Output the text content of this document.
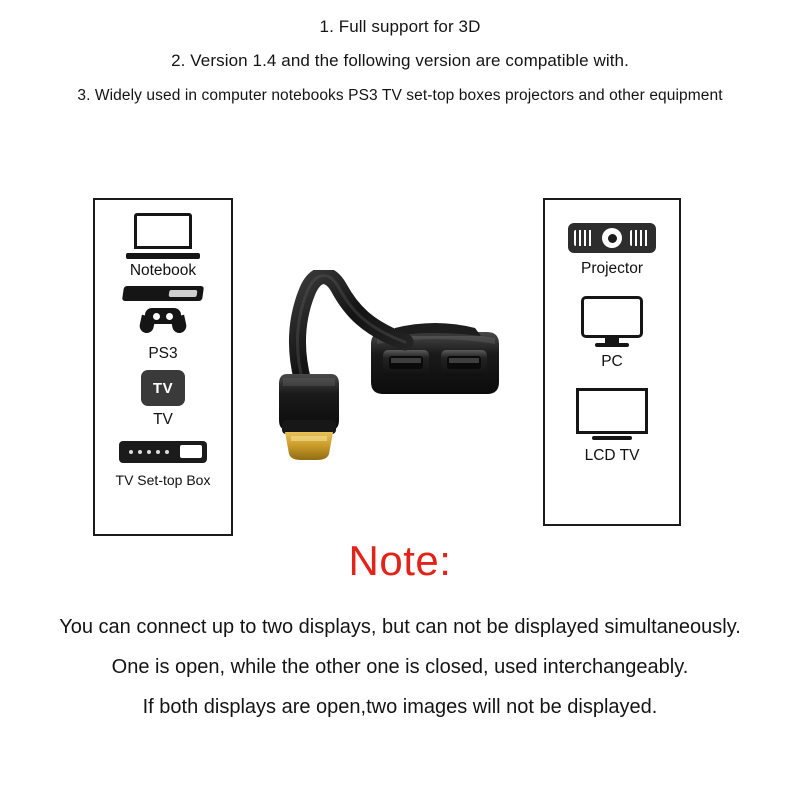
1. Full support for 3D
2. Version 1.4 and the following version are compatible with.
3. Widely used in computer notebooks PS3 TV set-top boxes projectors and other equipment
Notebook
PS3
TV
TV
TV Set-top Box
Projector
PC
LCD TV
Note:
You can connect up to two displays, but can not be displayed simultaneously.
One is open, while the other one is closed, used interchangeably.
If both displays are open,two images will not be displayed.
